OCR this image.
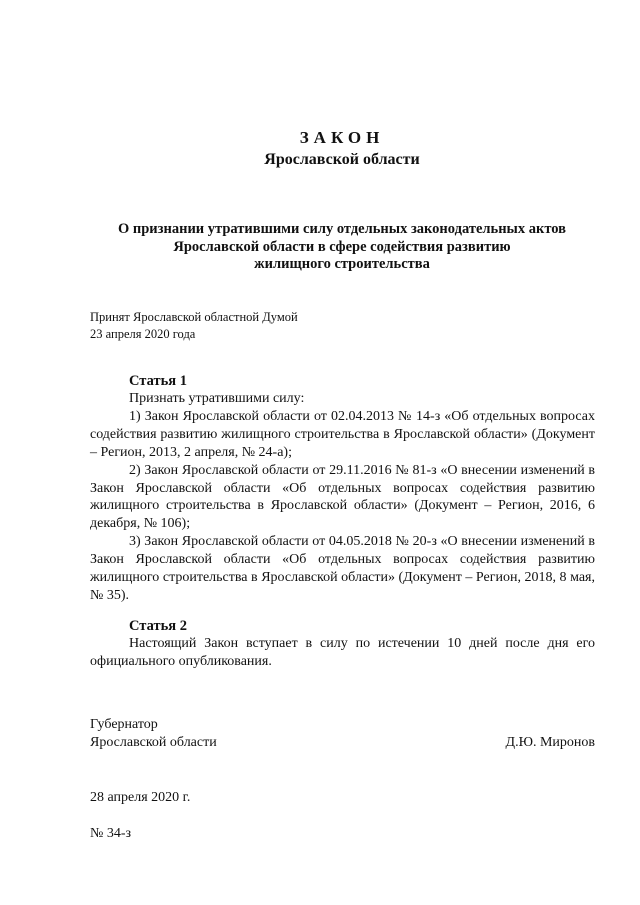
ЗАКОН
Ярославской области
О признании утратившими силу отдельных законодательных актов
Ярославской области в сфере содействия развитию
жилищного строительства
Принят Ярославской областной Думой
23 апреля 2020 года
Статья 1

Признать утратившими силу:

1) Закон Ярославской области от 02.04.2013 № 14-з «Об отдельных вопросах содействия развитию жилищного строительства в Ярославской области» (Документ – Регион, 2013, 2 апреля, № 24-а);

2) Закон Ярославской области от 29.11.2016 № 81-з «О внесении изменений в Закон Ярославской области «Об отдельных вопросах содействия развитию жилищного строительства в Ярославской области» (Документ – Регион, 2016, 6 декабря, № 106);

3) Закон Ярославской области от 04.05.2018 № 20-з «О внесении изменений в Закон Ярославской области «Об отдельных вопросах содействия развитию жилищного строительства в Ярославской области» (Документ – Регион, 2018, 8 мая, № 35).

Статья 2

Настоящий Закон вступает в силу по истечении 10 дней после дня его официального опубликования.

Губернатор
Ярославской области	Д.Ю. Миронов
28 апреля 2020 г.
№ 34-з
